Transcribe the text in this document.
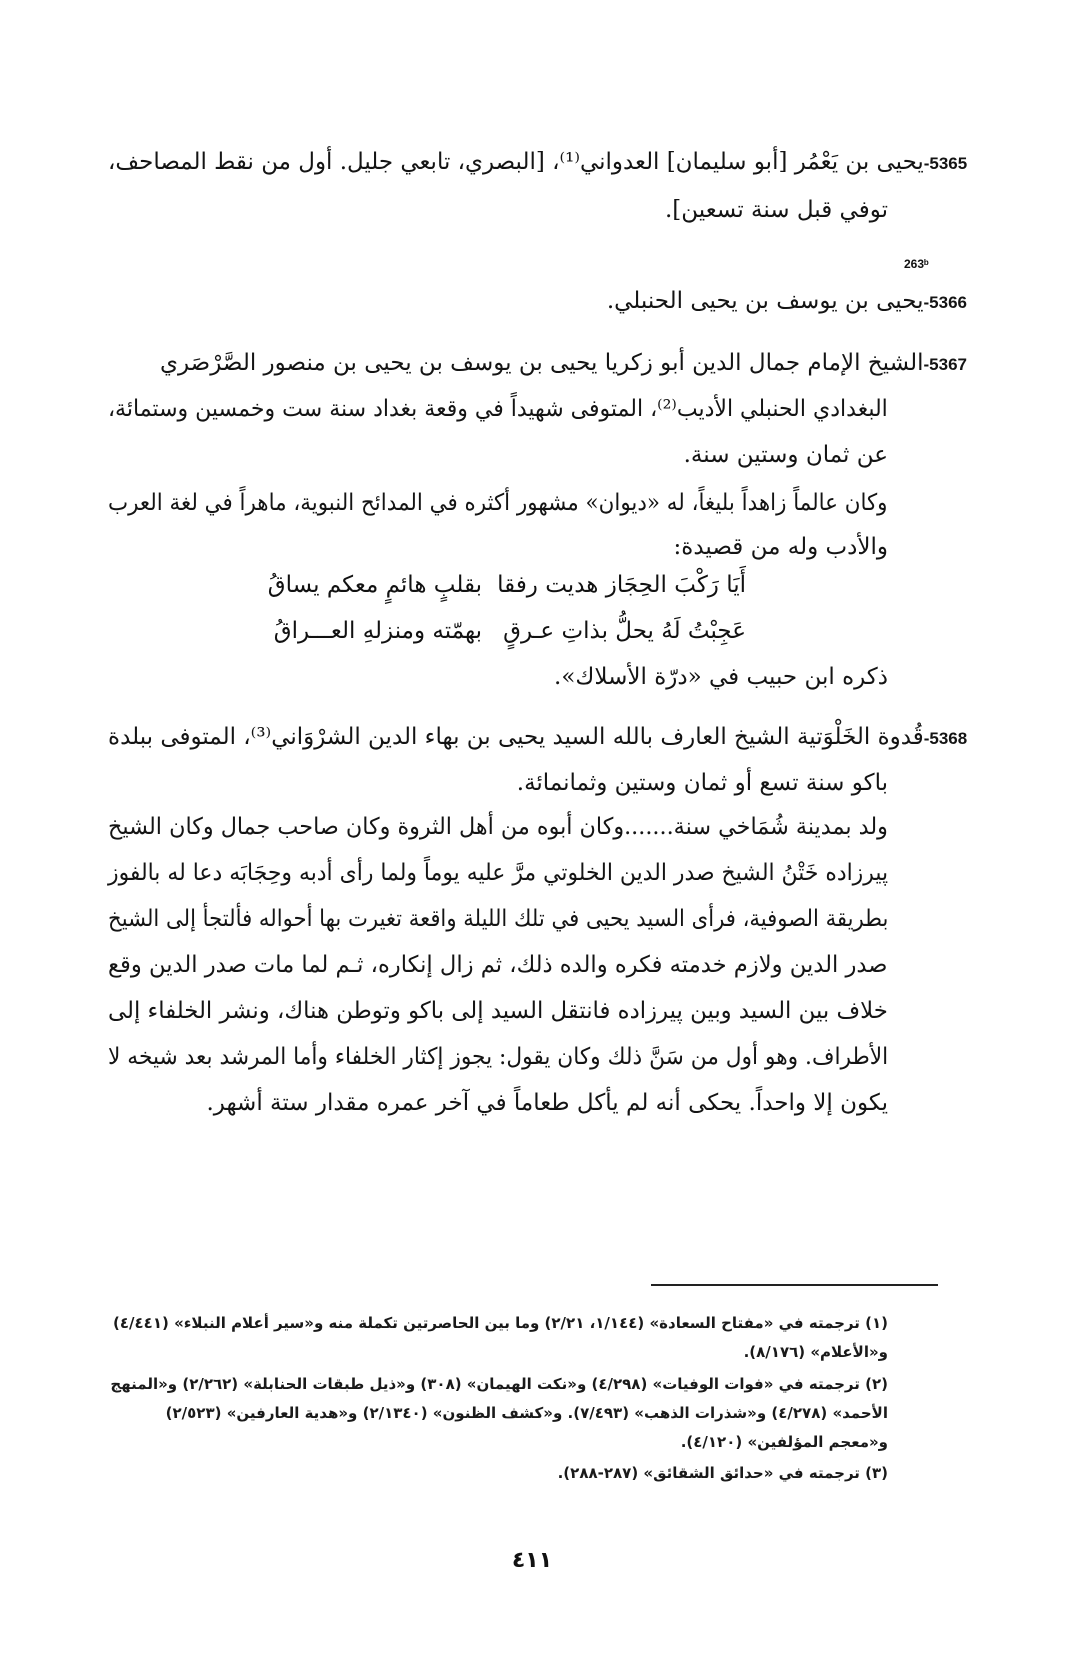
5365-يحيى بن يَعْمُر [أبو سليمان] العدواني⁽¹⁾، [البصري، تابعي جليل. أول من نقط المصاحف،
توفي قبل سنة تسعين].
263ᵇ
5366-يحيى بن يوسف بن يحيى الحنبلي.
5367-الشيخ الإمام جمال الدين أبو زكريا يحيى بن يوسف بن يحيى بن منصور الصَّرْصَري
البغدادي الحنبلي الأديب⁽²⁾، المتوفى شهيداً في وقعة بغداد سنة ست وخمسين وستمائة،
عن ثمان وستين سنة.
وكان عالماً زاهداً بليغاً، له «ديوان» مشهور أكثره في المدائح النبوية، ماهراً في لغة العرب
والأدب وله من قصيدة:
أَيَا رَكْبَ الحِجَاز هديت رفقا
بقلبٍ هائمٍ معكم يساقُ
عَجِبْتُ لَهُ يحلُّ بذاتِ عـرقٍ
بهمّته ومنزلهِ العـــراقُ
ذكره ابن حبيب في «درّة الأسلاك».
5368-قُدوة الخَلْوَتية الشيخ العارف بالله السيد يحيى بن بهاء الدين الشرْوَاني⁽³⁾، المتوفى ببلدة
باكو سنة تسع أو ثمان وستين وثمانمائة.
ولد بمدينة شُمَاخي سنة.......وكان أبوه من أهل الثروة وكان صاحب جمال وكان الشيخ
پيرزاده خَتْنُ الشيخ صدر الدين الخلوتي مرَّ عليه يوماً ولما رأى أدبه وحِجَابَه دعا له بالفوز
بطريقة الصوفية، فرأى السيد يحيى في تلك الليلة واقعة تغيرت بها أحواله فألتجأ إلى الشيخ
صدر الدين ولازم خدمته فكره والده ذلك، ثم زال إنكاره، ثـم لما مات صدر الدين وقع
خلاف بين السيد وبين پيرزاده فانتقل السيد إلى باكو وتوطن هناك، ونشر الخلفاء إلى
الأطراف. وهو أول من سَنَّ ذلك وكان يقول: يجوز إكثار الخلفاء وأما المرشد بعد شيخه لا
يكون إلا واحداً. يحكى أنه لم يأكل طعاماً في آخر عمره مقدار ستة أشهر.
(١) ترجمته في «مفتاح السعادة» (١/١٤٤، ٢/٢١) وما بين الحاصرتين تكملة منه و«سير أعلام النبلاء» (٤/٤٤١)
و«الأعلام» (٨/١٧٦).
(٢) ترجمته في «فوات الوفيات» (٤/٢٩٨) و«نكت الهيمان» (٣٠٨) و«ذيل طبقات الحنابلة» (٢/٢٦٢) و«المنهج
الأحمد» (٤/٢٧٨) و«شذرات الذهب» (٧/٤٩٣). و«كشف الظنون» (٢/١٣٤٠) و«هدية العارفين» (٢/٥٢٣)
و«معجم المؤلفين» (٤/١٢٠).
(٣) ترجمته في «حدائق الشقائق» (٢٨٧-٢٨٨).
٤١١
